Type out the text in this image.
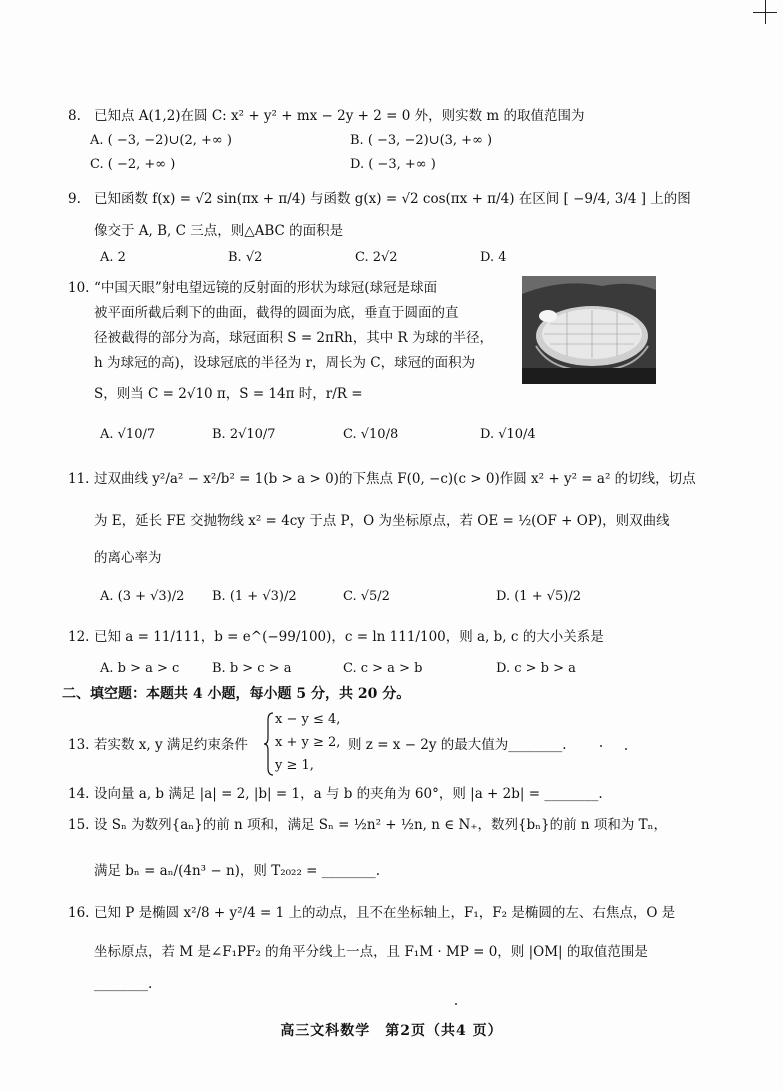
8. 已知点 A(1,2)在圆 C: x² + y² + mx − 2y + 2 = 0 外，则实数 m 的取值范围为
A. ( −3, −2)∪(2, +∞ )	B. ( −3, −2)∪(3, +∞ )
C. ( −2, +∞ )	D. ( −3, +∞ )
9. 已知函数 f(x) = √2 sin(πx + π/4) 与函数 g(x) = √2 cos(πx + π/4) 在区间 [ −9/4, 3/4 ] 上的图
像交于 A, B, C 三点，则△ABC 的面积是
A. 2	B. √2	C. 2√2	D. 4
10. “中国天眼”射电望远镜的反射面的形状为球冠(球冠是球面
被平面所截后剩下的曲面，截得的圆面为底，垂直于圆面的直
径被截得的部分为高，球冠面积 S = 2πRh，其中 R 为球的半径，
h 为球冠的高)，设球冠底的半径为 r，周长为 C，球冠的面积为
S，则当 C = 2√10 π，S = 14π 时，r/R =
A. √10/7	B. 2√10/7	C. √10/8	D. √10/4
11. 过双曲线 y²/a² − x²/b² = 1(b > a > 0)的下焦点 F(0, −c)(c > 0)作圆 x² + y² = a² 的切线，切点
为 E，延长 FE 交抛物线 x² = 4cy 于点 P，O 为坐标原点，若 OE = ½(OF + OP)，则双曲线
的离心率为
A. (3 + √3)/2 B. (1 + √3)/2	C. √5/2	D. (1 + √5)/2
12. 已知 a = 11/111，b = e^(−99/100)，c = ln 111/100，则 a, b, c 的大小关系是
A. b > a > c	B. b > c > a	C. c > a > b	D. c > b > a
二、填空题：本题共 4 小题，每小题 5 分，共 20 分。
13. 若实数 x, y 满足约束条件
x − y ≤ 4,
x + y ≥ 2,
y ≥ 1,
则 z = x − 2y 的最大值为________.
14. 设向量 a, b 满足 |a| = 2, |b| = 1，a 与 b 的夹角为 60°，则 |a + 2b| = ________.
15. 设 Sₙ 为数列{aₙ}的前 n 项和，满足 Sₙ = ½n² + ½n, n ∈ N₊，数列{bₙ}的前 n 项和为 Tₙ，
满足 bₙ = aₙ/(4n³ − n)，则 T₂₀₂₂ = ________.
16. 已知 P 是椭圆 x²/8 + y²/4 = 1 上的动点，且不在坐标轴上，F₁，F₂ 是椭圆的左、右焦点，O 是
坐标原点，若 M 是∠F₁PF₂ 的角平分线上一点，且 F₁M · MP = 0，则 |OM| 的取值范围是
________.
高三文科数学　第2页（共4 页）
